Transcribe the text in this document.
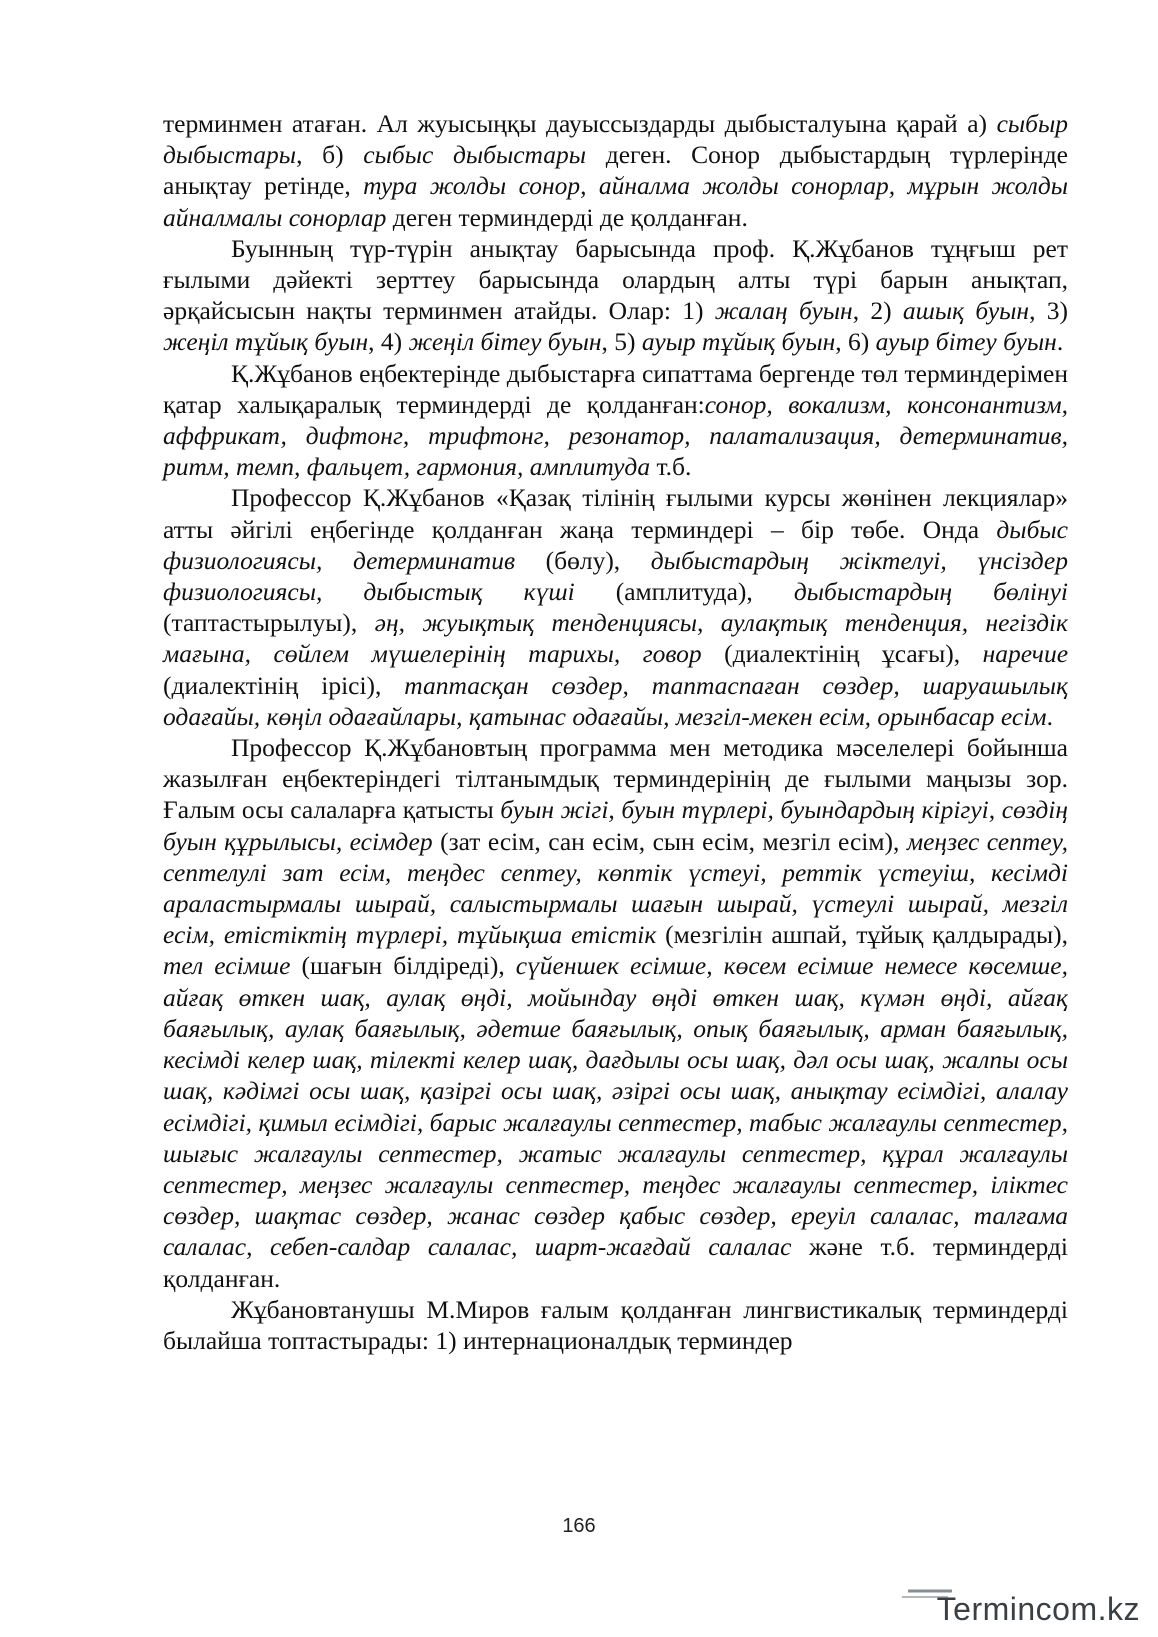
терминмен атаған. Ал жуысыңқы дауыссыздарды дыбысталуына қарай а) сыбыр дыбыстары, б) сыбыс дыбыстары деген. Сонор дыбыстардың түрлерінде анықтау ретінде, тура жолды сонор, айналма жолды сонорлар, мұрын жолды айналмалы сонорлар деген терминдерді де қолданған.

Буынның түр-түрін анықтау барысында проф. Қ.Жұбанов тұңғыш рет ғылыми дәйекті зерттеу барысында олардың алты түрі барын анықтап, әрқайсысын нақты терминмен атайды. Олар: 1) жалаң буын, 2) ашық буын, 3) жеңіл тұйық буын, 4) жеңіл бітеу буын, 5) ауыр тұйық буын, 6) ауыр бітеу буын.

Қ.Жұбанов еңбектерінде дыбыстарға сипаттама бергенде төл терминдерімен қатар халықаралық терминдерді де қолданған:сонор, вокализм, консонантизм, аффрикат, дифтонг, трифтонг, резонатор, палатализация, детерминатив, ритм, темп, фальцет, гармония, амплитуда т.б.

Профессор Қ.Жұбанов «Қазақ тілінің ғылыми курсы жөнінен лекциялар» атты әйгілі еңбегінде қолданған жаңа терминдері – бір төбе. Онда дыбыс физиологиясы, детерминатив (бөлу), дыбыстардың жіктелуі, үнсіздер физиологиясы, дыбыстық күші (амплитуда), дыбыстардың бөлінуі (таптастырылуы), әң, жуықтық тенденциясы, аулақтық тенденция, негіздік мағына, сөйлем мүшелерінің тарихы, говор (диалектінің ұсағы), наречие (диалектінің ірісі), таптасқан сөздер, таптаспаған сөздер, шаруашылық одағайы, көңіл одағайлары, қатынас одағайы, мезгіл-мекен есім, орынбасар есім.

Профессор Қ.Жұбановтың программа мен методика мәселелері бойынша жазылған еңбектеріндегі тілтанымдық терминдерінің де ғылыми маңызы зор. Ғалым осы салаларға қатысты буын жігі, буын түрлері, буындардың кірігуі, сөздің буын құрылысы, есімдер (зат есім, сан есім, сын есім, мезгіл есім), меңзес септеу, септелулі зат есім, теңдес септеу, көптік үстеуі, реттік үстеуіш, кесімді араластырмалы шырай, салыстырмалы шағын шырай, үстеулі шырай, мезгіл есім, етістіктің түрлері, тұйықша етістік (мезгілін ашпай, тұйық қалдырады), тел есімше (шағын білдіреді), сүйеншек есімше, көсем есімше немесе көсемше, айғақ өткен шақ, аулақ өңді, мойындау өңді өткен шақ, күмән өңді, айғақ баяғылық, аулақ баяғылық, әдетше баяғылық, опық баяғылық, арман баяғылық, кесімді келер шақ, тілекті келер шақ, дағдылы осы шақ, дәл осы шақ, жалпы осы шақ, кәдімгі осы шақ, қазіргі осы шақ, әзіргі осы шақ, анықтау есімдігі, алалау есімдігі, қимыл есімдігі, барыс жалғаулы септестер, табыс жалғаулы септестер, шығыс жалғаулы септестер, жатыс жалғаулы септестер, құрал жалғаулы септестер, меңзес жалғаулы септестер, теңдес жалғаулы септестер, іліктес сөздер, шақтас сөздер, жанас сөздер қабыс сөздер, ереуіл салалас, талғама салалас, себеп-салдар салалас, шарт-жағдай салалас және т.б. терминдерді қолданған.

Жұбановтанушы М.Миров ғалым қолданған лингвистикалық терминдерді былайша топтастырады: 1) интернационалдық терминдер

166
Termincom.kz
